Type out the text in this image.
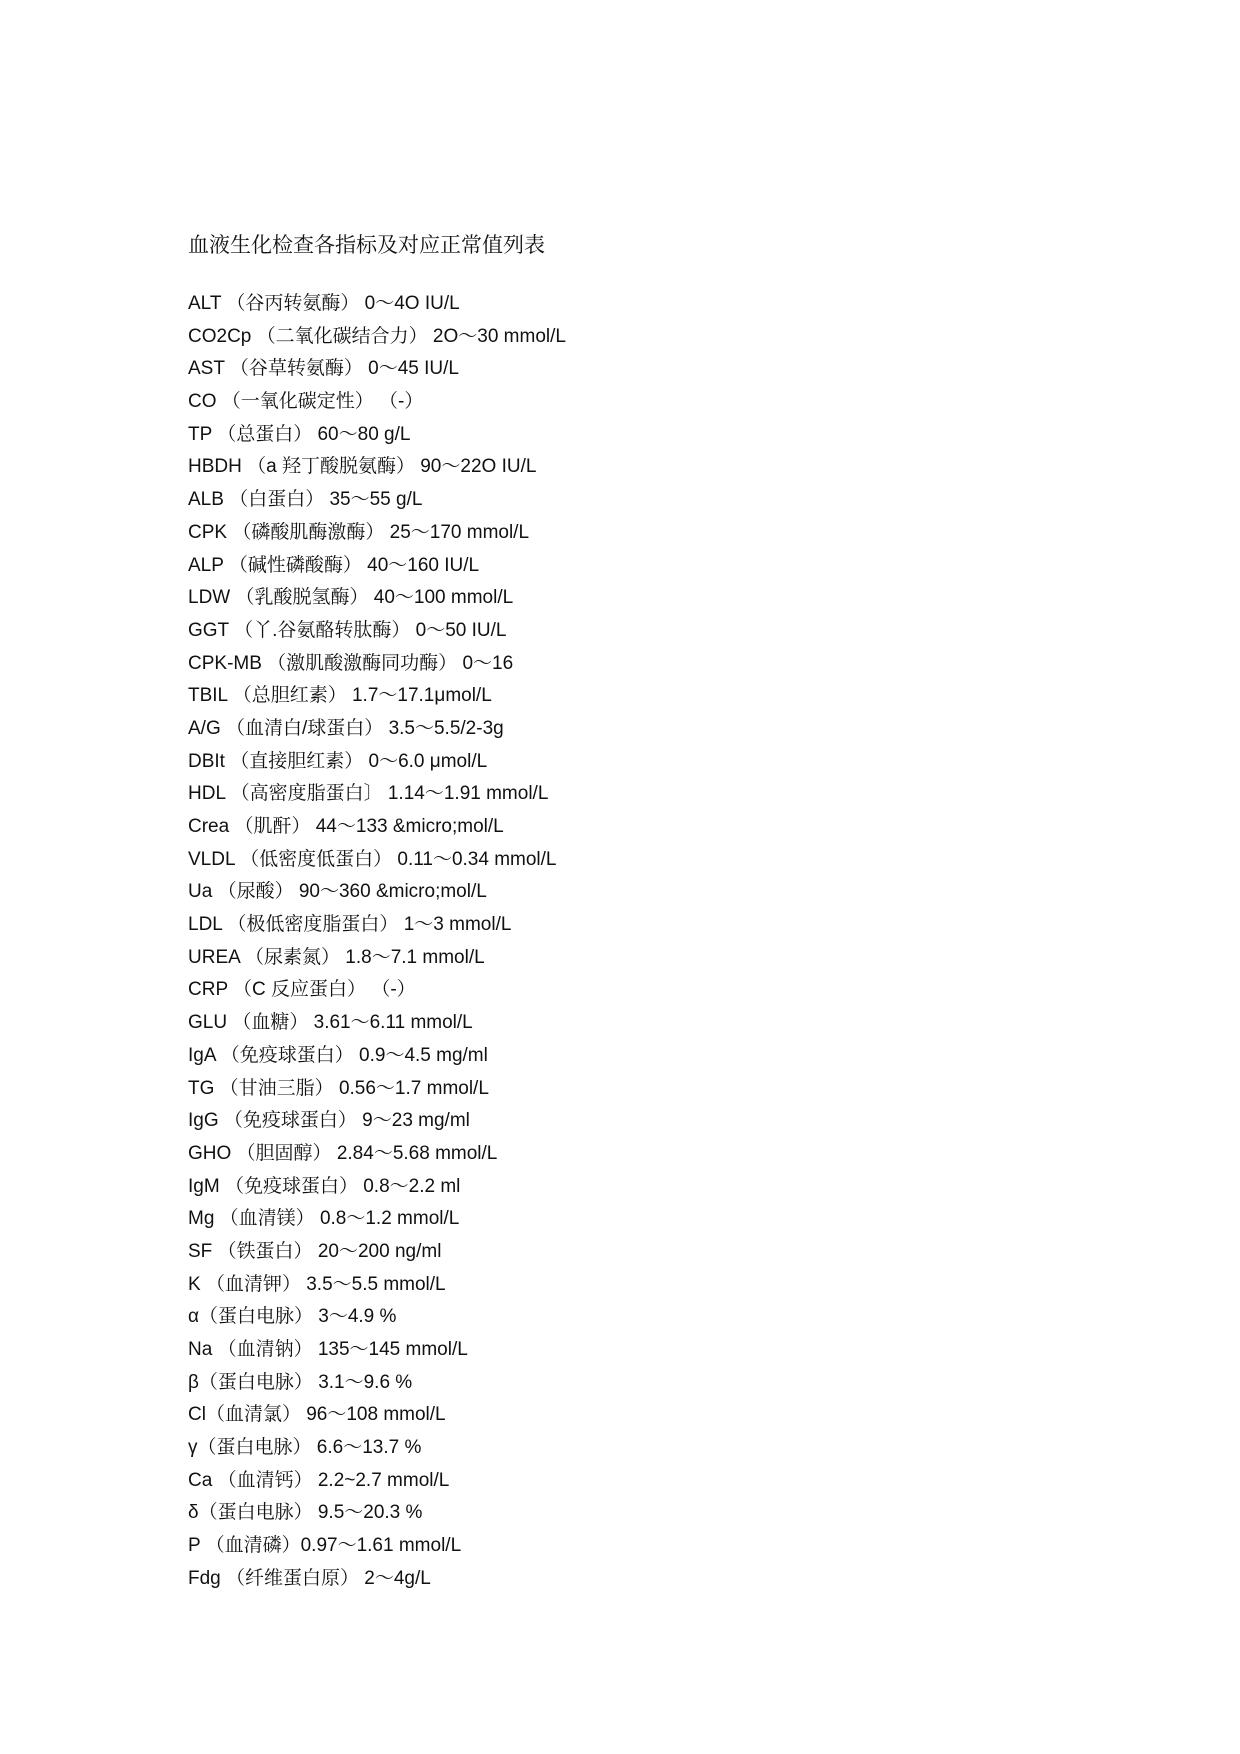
血液生化检查各指标及对应正常值列表
ALT （谷丙转氨酶） 0～4O IU/L
CO2Cp （二氧化碳结合力） 2O～30 mmol/L
AST （谷草转氨酶） 0～45 IU/L
CO （一氧化碳定性） （-）
TP （总蛋白） 60～80 g/L
HBDH （a 羟丁酸脱氨酶） 90～22O IU/L
ALB （白蛋白） 35～55 g/L
CPK （磷酸肌酶激酶） 25～170 mmol/L
ALP （碱性磷酸酶） 40～160 IU/L
LDW （乳酸脱氢酶） 40～100 mmol/L
GGT （丫.谷氨酪转肽酶） 0～50 IU/L
CPK-MB （激肌酸激酶同功酶） 0～16
TBIL （总胆红素） 1.7～17.1μmol/L
A/G （血清白/球蛋白） 3.5～5.5/2-3g
DBIt （直接胆红素） 0～6.0 μmol/L
HDL （高密度脂蛋白〕 1.14～1.91 mmol/L
Crea （肌酐） 44～133 &micro;mol/L
VLDL （低密度低蛋白） 0.11～0.34 mmol/L
Ua （尿酸） 90～360 &micro;mol/L
LDL （极低密度脂蛋白） 1～3 mmol/L
UREA （尿素氮） 1.8～7.1 mmol/L
CRP （C 反应蛋白） （-）
GLU （血糖） 3.61～6.11 mmol/L
IgA （免疫球蛋白） 0.9～4.5 mg/ml
TG （甘油三脂） 0.56～1.7 mmol/L
IgG （免疫球蛋白） 9～23 mg/ml
GHO （胆固醇） 2.84～5.68 mmol/L
IgM （免疫球蛋白） 0.8～2.2 ml
Mg （血清镁） 0.8～1.2 mmol/L
SF （铁蛋白） 20～200 ng/ml
K （血清钾） 3.5～5.5 mmol/L
α（蛋白电脉） 3～4.9 %
Na （血清钠） 135～145 mmol/L
β（蛋白电脉） 3.1～9.6 %
Cl（血清氯） 96～108 mmol/L
γ（蛋白电脉） 6.6～13.7 %
Ca （血清钙） 2.2~2.7 mmol/L
δ（蛋白电脉） 9.5～20.3 %
P （血清磷）0.97～1.61 mmol/L
Fdg （纤维蛋白原） 2～4g/L
